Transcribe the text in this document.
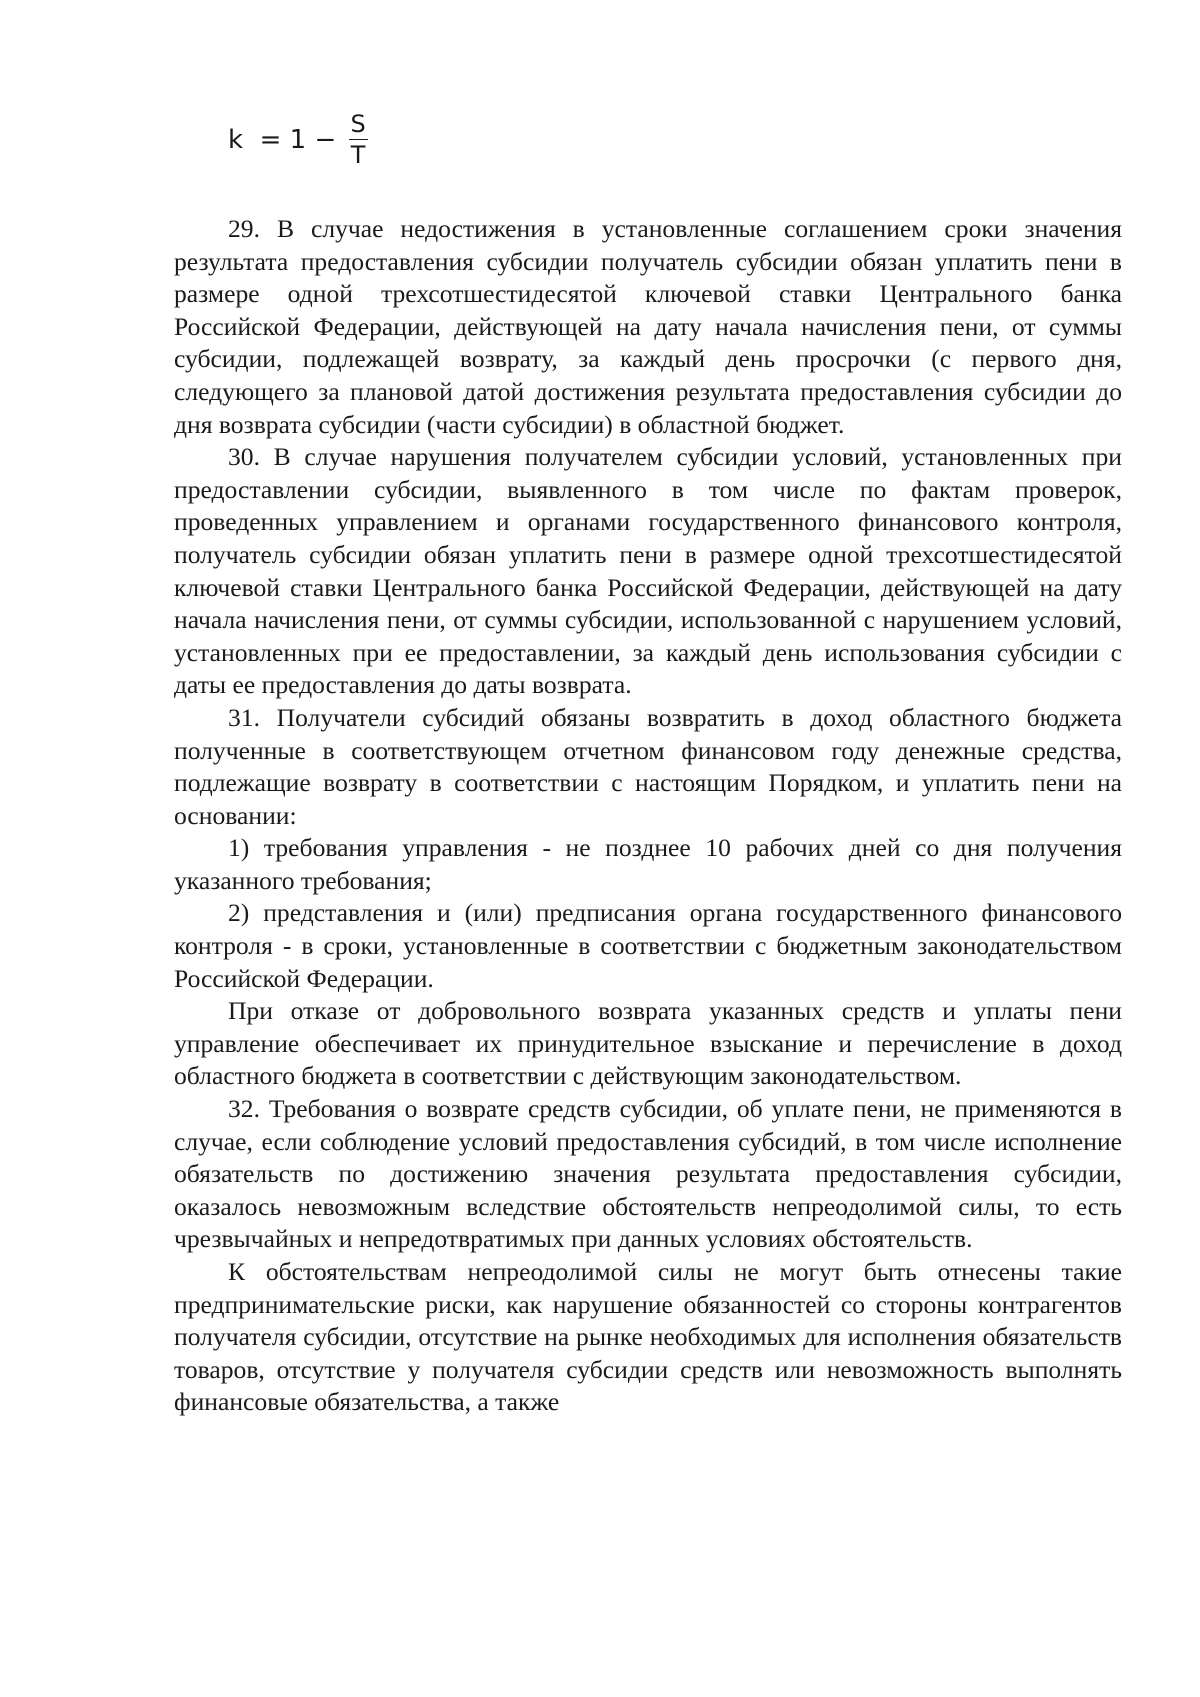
$k = 1 - \frac{S}{T}$

29. В случае недостижения в установленные соглашением сроки значения результата предоставления субсидии получатель субсидии обязан уплатить пени в размере одной трехсотшестидесятой ключевой ставки Центрального банка Российской Федерации, действующей на дату начала начисления пени, от суммы субсидии, подлежащей возврату, за каждый день просрочки (с первого дня, следующего за плановой датой достижения результата предоставления субсидии до дня возврата субсидии (части субсидии) в областной бюджет.

30. В случае нарушения получателем субсидии условий, установленных при предоставлении субсидии, выявленного в том числе по фактам проверок, проведенных управлением и органами государственного финансового контроля, получатель субсидии обязан уплатить пени в размере одной трехсотшестидесятой ключевой ставки Центрального банка Российской Федерации, действующей на дату начала начисления пени, от суммы субсидии, использованной с нарушением условий, установленных при ее предоставлении, за каждый день использования субсидии с даты ее предоставления до даты возврата.

31. Получатели субсидий обязаны возвратить в доход областного бюджета полученные в соответствующем отчетном финансовом году денежные средства, подлежащие возврату в соответствии с настоящим Порядком, и уплатить пени на основании:

1) требования управления - не позднее 10 рабочих дней со дня получения указанного требования;

2) представления и (или) предписания органа государственного финансового контроля - в сроки, установленные в соответствии с бюджетным законодательством Российской Федерации.

При отказе от добровольного возврата указанных средств и уплаты пени управление обеспечивает их принудительное взыскание и перечисление в доход областного бюджета в соответствии с действующим законодательством.

32. Требования о возврате средств субсидии, об уплате пени, не применяются в случае, если соблюдение условий предоставления субсидий, в том числе исполнение обязательств по достижению значения результата предоставления субсидии, оказалось невозможным вследствие обстоятельств непреодолимой силы, то есть чрезвычайных и непредотвратимых при данных условиях обстоятельств.

К обстоятельствам непреодолимой силы не могут быть отнесены такие предпринимательские риски, как нарушение обязанностей со стороны контрагентов получателя субсидии, отсутствие на рынке необходимых для исполнения обязательств товаров, отсутствие у получателя субсидии средств или невозможность выполнять финансовые обязательства, а также
